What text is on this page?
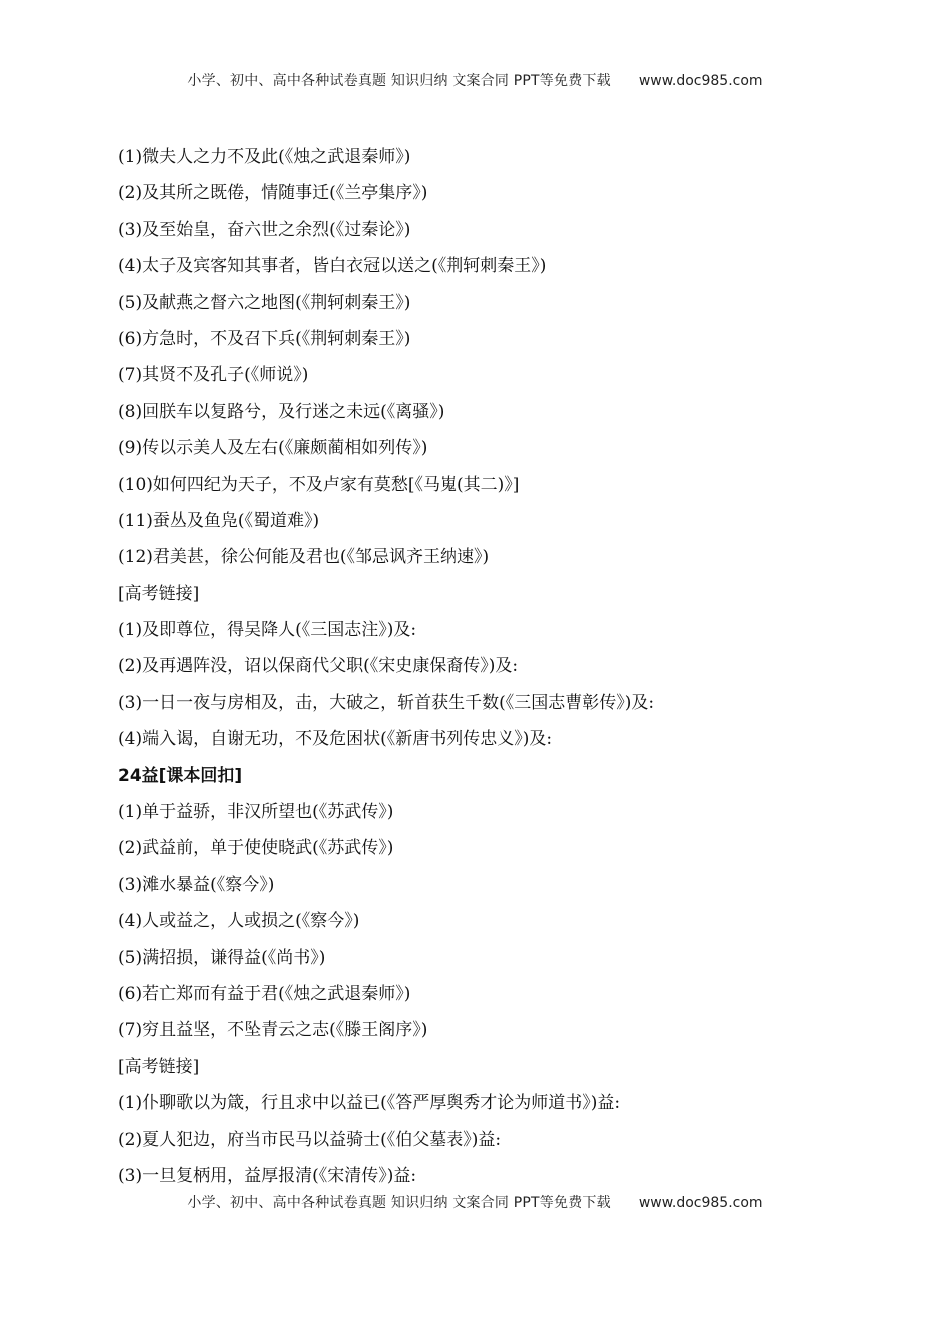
小学、初中、高中各种试卷真题 知识归纳 文案合同 PPT等免费下载 www.doc985.com
(1)微夫人之力不及此(《烛之武退秦师》)
(2)及其所之既倦，情随事迁(《兰亭集序》)
(3)及至始皇，奋六世之余烈(《过秦论》)
(4)太子及宾客知其事者，皆白衣冠以送之(《荆轲刺秦王》)
(5)及献燕之督六之地图(《荆轲刺秦王》)
(6)方急时，不及召下兵(《荆轲刺秦王》)
(7)其贤不及孔子(《师说》)
(8)回朕车以复路兮，及行迷之未远(《离骚》)
(9)传以示美人及左右(《廉颇蔺相如列传》)
(10)如何四纪为天子，不及卢家有莫愁[《马嵬(其二)》]
(11)蚕丛及鱼凫(《蜀道难》)
(12)君美甚，徐公何能及君也(《邹忌讽齐王纳速》)
[高考链接]
(1)及即尊位，得吴降人(《三国志注》)及:
(2)及再遇阵没，诏以保商代父职(《宋史康保裔传》)及:
(3)一日一夜与房相及，击，大破之，斩首获生千数(《三国志曹彰传》)及:
(4)端入谒，自谢无功，不及危困状(《新唐书列传忠义》)及:
24益[课本回扣]
(1)单于益骄，非汉所望也(《苏武传》)
(2)武益前，单于使使晓武(《苏武传》)
(3)滩水暴益(《察今》)
(4)人或益之，人或损之(《察今》)
(5)满招损，谦得益(《尚书》)
(6)若亡郑而有益于君(《烛之武退秦师》)
(7)穷且益坚，不坠青云之志(《滕王阁序》)
[高考链接]
(1)仆聊歌以为箴，行且求中以益已(《答严厚舆秀才论为师道书》)益:
(2)夏人犯边，府当市民马以益骑士(《伯父墓表》)益:
(3)一旦复柄用，益厚报清(《宋清传》)益:
小学、初中、高中各种试卷真题 知识归纳 文案合同 PPT等免费下载 www.doc985.com
